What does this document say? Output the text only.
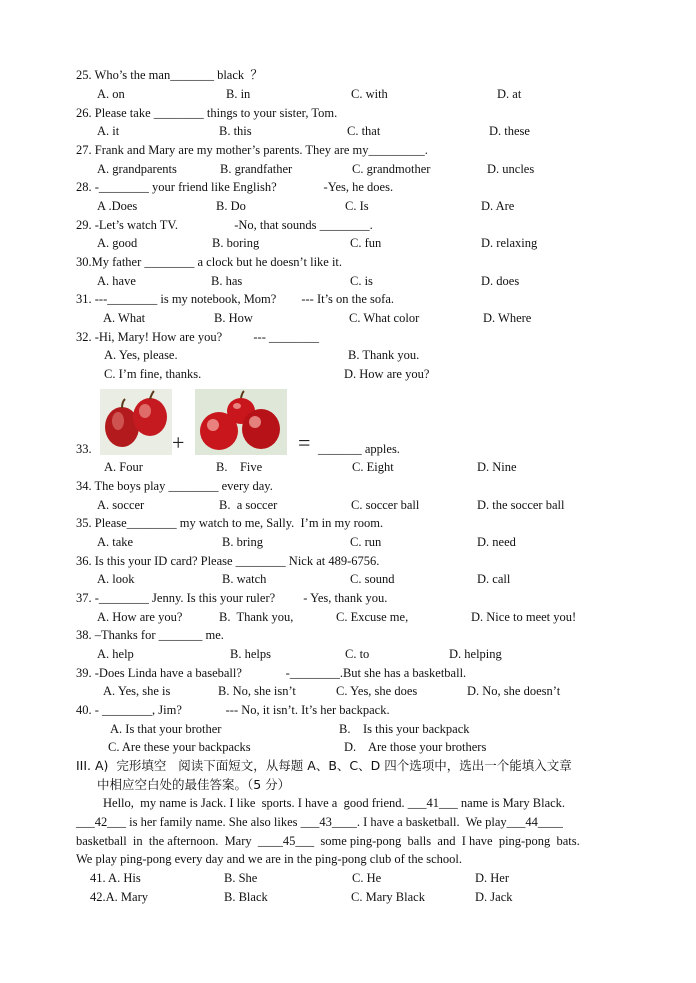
25. Who’s the man_______ black  ？
A. on	B. in	C. with	D. at
26. Please take ________ things to your sister, Tom.
A. it	B. this	C. that	D. these
27. Frank and Mary are my mother’s parents. They are my_________.
A. grandparents	B. grandfather	C. grandmother	D. uncles
28. -________ your friend like English?               -Yes, he does.
A .Does	B. Do	C. Is	D. Are
29. -Let’s watch TV.                  -No, that sounds ________.
A. good	B. boring	C. fun	D. relaxing
30.My father ________ a clock but he doesn’t like it.
A. have	B. has	C. is	D. does
31. ---________ is my notebook, Mom?        --- It’s on the sofa.
A. What	B. How	C. What color	D. Where
32. -Hi, Mary! How are you?          --- ________
A. Yes, please.	B. Thank you.
C. I’m fine, thanks.	D. How are you?
33.	_______ apples.
A. Four	B.    Five	C. Eight	D. Nine
34. The boys play ________ every day.
A. soccer	B.  a soccer	C. soccer ball	D. the soccer ball
35. Please________ my watch to me, Sally.  I’m in my room.
A. take	B. bring	C. run	D. need
36. Is this your ID card? Please ________ Nick at 489-6756.
A. look	B. watch	C. sound	D. call
37. -________ Jenny. Is this your ruler?         - Yes, thank you.
A. How are you?	B.  Thank you,	C. Excuse me,	D. Nice to meet you!
38. –Thanks for _______ me.
A. help	B. helps	C. to	D. helping
39. -Does Linda have a baseball?              -________.But she has a basketball.
A. Yes, she is	B. No, she isn’t	C. Yes, she does	D. No, she doesn’t
40. - ________, Jim?              --- No, it isn’t. It’s her backpack.
A. Is that your brother	B.    Is this your backpack
C. Are these your backpacks	D.    Are those your brothers
III. A)  完形填空   阅读下面短文，从每题 A、B、C、D 四个选项中，选出一个能填入文章
中相应空白处的最佳答案。（5 分）
Hello,  my name is Jack. I like  sports. I have a  good friend. ___41___ name is Mary Black.
___42___ is her family name. She also likes ___43____. I have a basketball.  We play___44____
basketball  in  the afternoon.  Mary  ____45___  some ping-pong  balls  and  I have  ping-pong  bats.
We play ping-pong every day and we are in the ping-pong club of the school.
41. A. His	B. She	C. He	D. Her
42.A. Mary	B. Black	C. Mary Black	D. Jack
+	=
